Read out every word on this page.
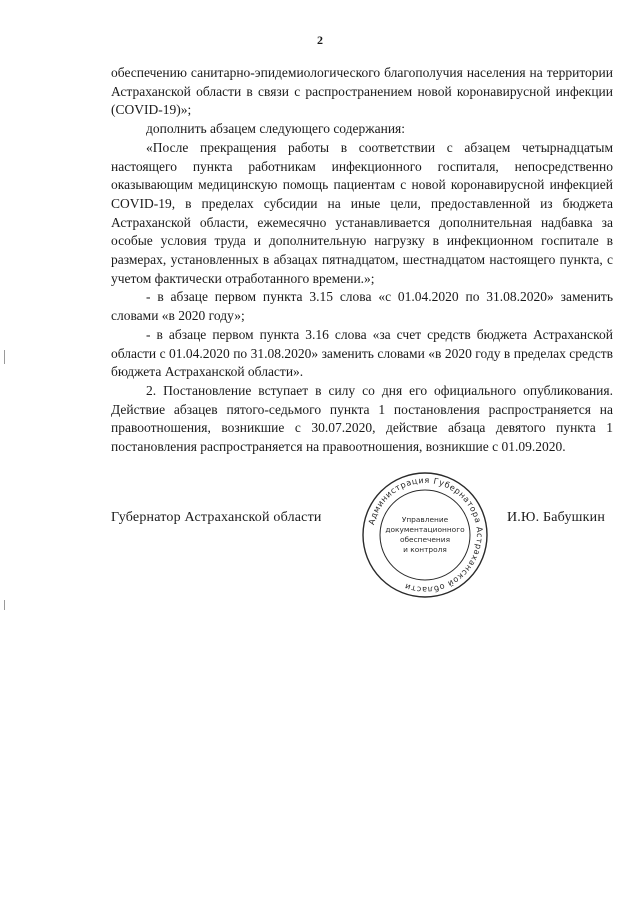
2

обеспечению санитарно-эпидемиологического благополучия населения на территории Астраханской области в связи с распространением новой коронавирусной инфекции (COVID-19)»;

дополнить абзацем следующего содержания:

«После прекращения работы в соответствии с абзацем четырнадцатым настоящего пункта работникам инфекционного госпиталя, непосредственно оказывающим медицинскую помощь пациентам с новой коронавирусной инфекцией COVID-19, в пределах субсидии на иные цели, предоставленной из бюджета Астраханской области, ежемесячно устанавливается дополнительная надбавка за особые условия труда и дополнительную нагрузку в инфекционном госпитале в размерах, установленных в абзацах пятнадцатом, шестнадцатом настоящего пункта, с учетом фактически отработанного времени.»;

- в абзаце первом пункта 3.15 слова «с 01.04.2020 по 31.08.2020» заменить словами «в 2020 году»;

- в абзаце первом пункта 3.16 слова «за счет средств бюджета Астраханской области с 01.04.2020 по 31.08.2020» заменить словами «в 2020 году в пределах средств бюджета Астраханской области».

2. Постановление вступает в силу со дня его официального опубликования. Действие абзацев пятого-седьмого пункта 1 постановления распространяется на правоотношения, возникшие с 30.07.2020, действие абзаца девятого пункта 1 постановления распространяется на правоотношения, возникшие с 01.09.2020.

Губернатор Астраханской области	Администрация Губернатора Астраханской области
Управление
документационного
обеспечения
и контроля
И.Ю. Бабушкин
